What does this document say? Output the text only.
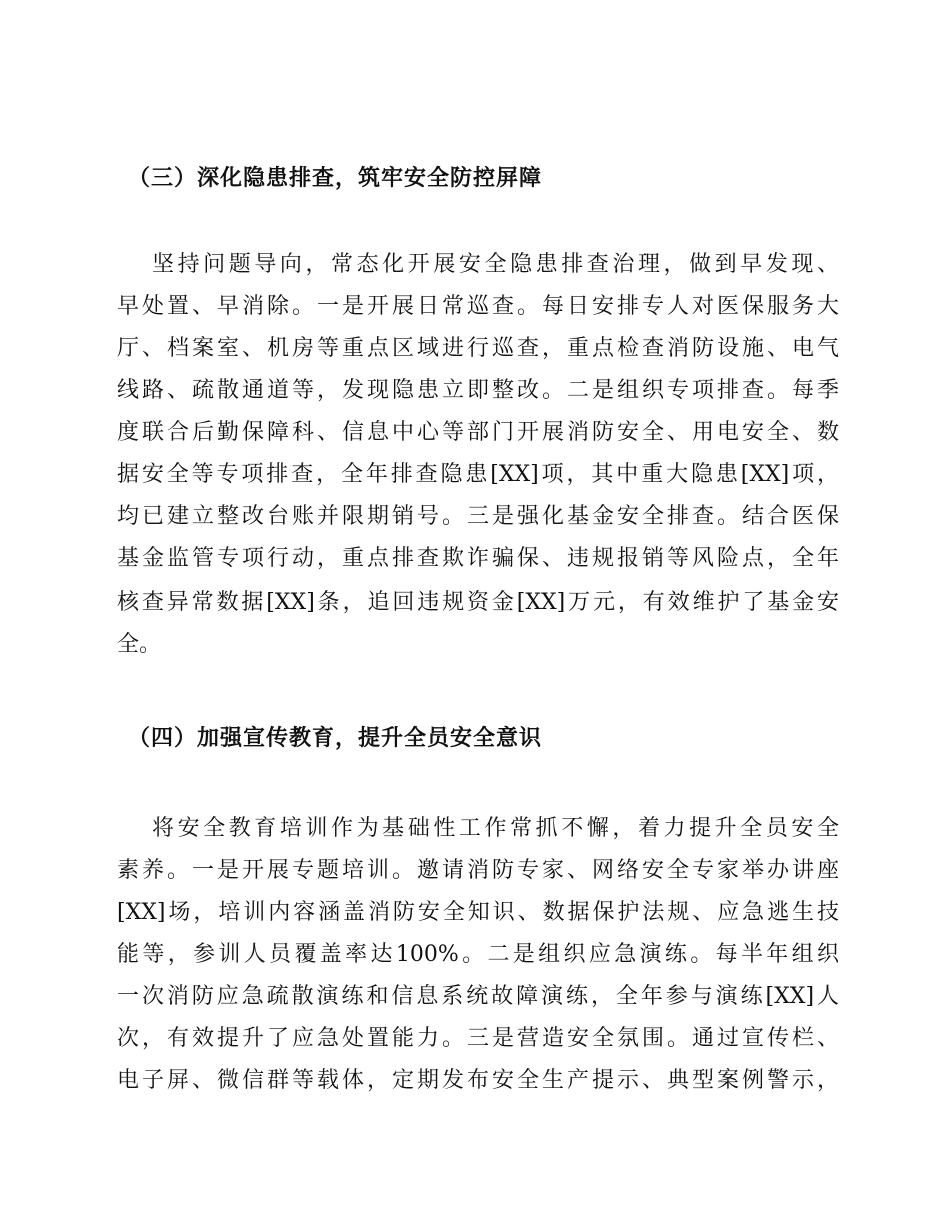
（三）深化隐患排查，筑牢安全防控屏障
坚持问题导向，常态化开展安全隐患排查治理，做到早发现、
早处置、早消除。一是开展日常巡查。每日安排专人对医保服务大
厅、档案室、机房等重点区域进行巡查，重点检查消防设施、电气
线路、疏散通道等，发现隐患立即整改。二是组织专项排查。每季
度联合后勤保障科、信息中心等部门开展消防安全、用电安全、数
据安全等专项排查，全年排查隐患[XX]项，其中重大隐患[XX]项，
均已建立整改台账并限期销号。三是强化基金安全排查。结合医保
基金监管专项行动，重点排查欺诈骗保、违规报销等风险点，全年
核查异常数据[XX]条，追回违规资金[XX]万元，有效维护了基金安
全。
（四）加强宣传教育，提升全员安全意识
将安全教育培训作为基础性工作常抓不懈，着力提升全员安全
素养。一是开展专题培训。邀请消防专家、网络安全专家举办讲座
[XX]场，培训内容涵盖消防安全知识、数据保护法规、应急逃生技
能等，参训人员覆盖率达100%。二是组织应急演练。每半年组织
一次消防应急疏散演练和信息系统故障演练，全年参与演练[XX]人
次，有效提升了应急处置能力。三是营造安全氛围。通过宣传栏、
电子屏、微信群等载体，定期发布安全生产提示、典型案例警示，
